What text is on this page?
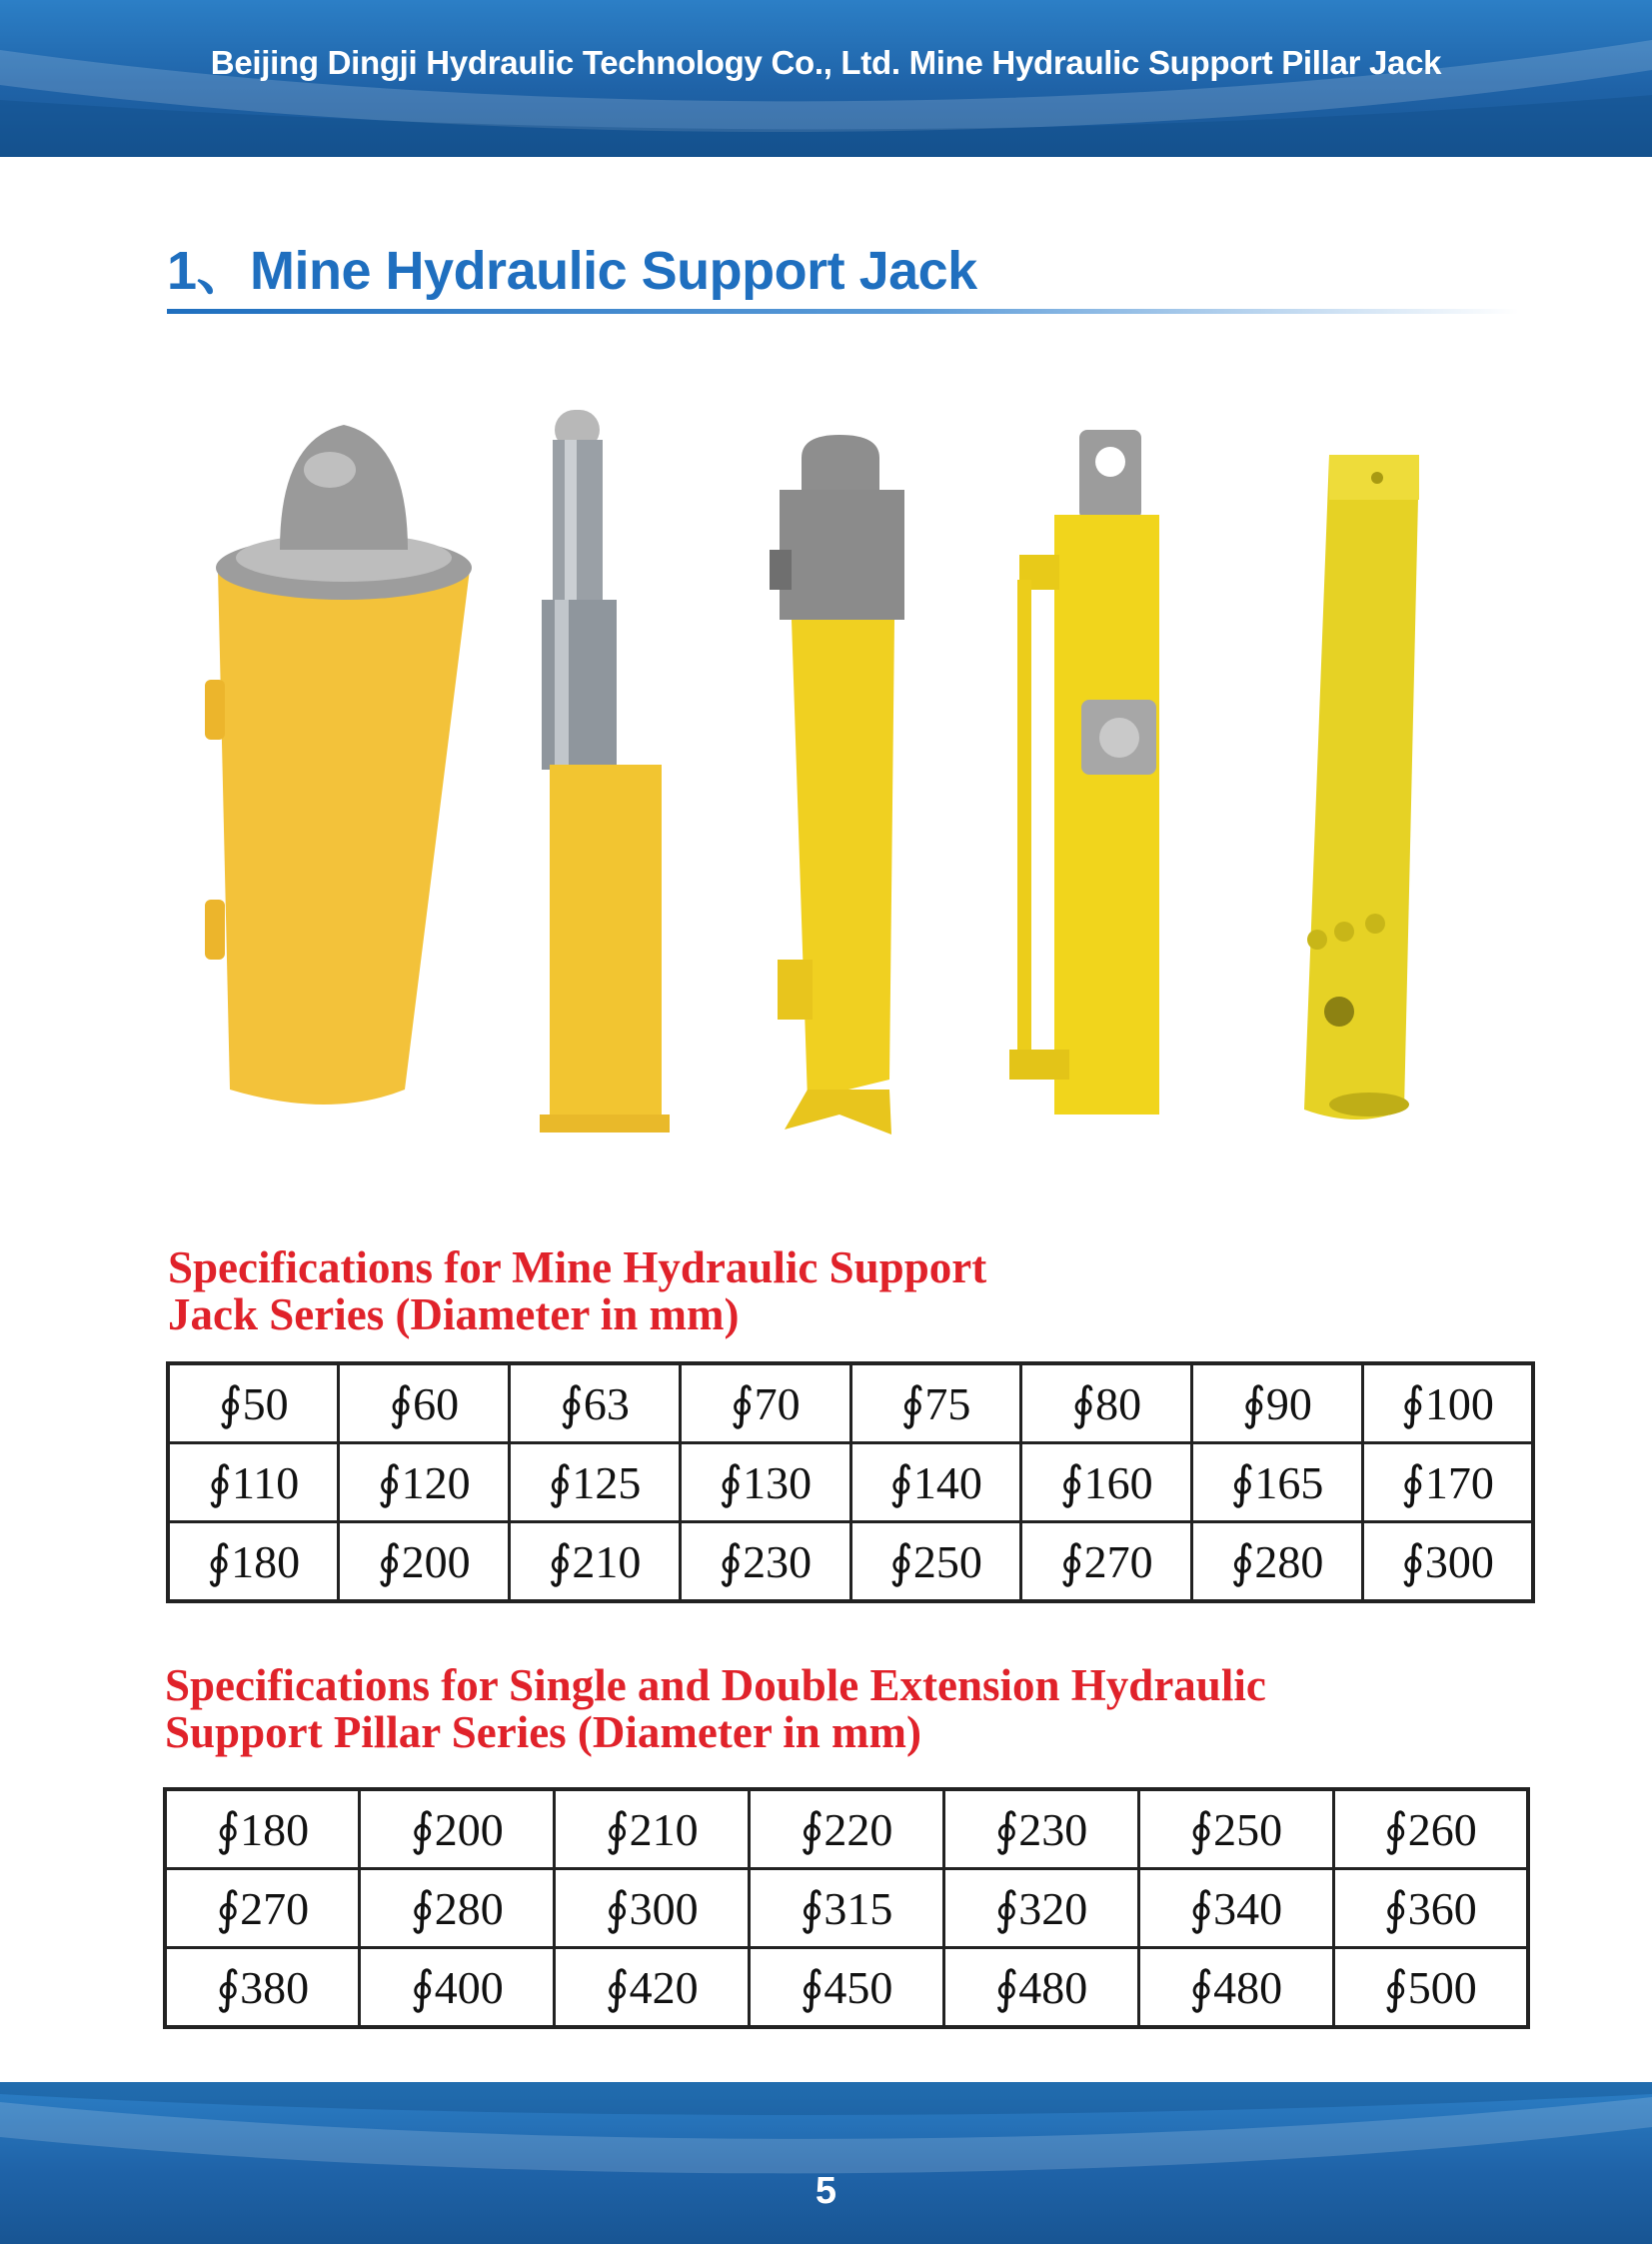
Beijing Dingji Hydraulic Technology Co., Ltd. Mine Hydraulic Support Pillar Jack
1、Mine Hydraulic Support Jack
Specifications for Mine Hydraulic Support
Jack Series (Diameter in mm)
∮50	∮60	∮63	∮70	∮75	∮80	∮90	∮100
∮110	∮120	∮125	∮130	∮140	∮160	∮165	∮170
∮180	∮200	∮210	∮230	∮250	∮270	∮280	∮300
Specifications for Single and Double Extension Hydraulic
Support Pillar Series (Diameter in mm)
∮180	∮200	∮210	∮220	∮230	∮250	∮260
∮270	∮280	∮300	∮315	∮320	∮340	∮360
∮380	∮400	∮420	∮450	∮480	∮480	∮500
5
